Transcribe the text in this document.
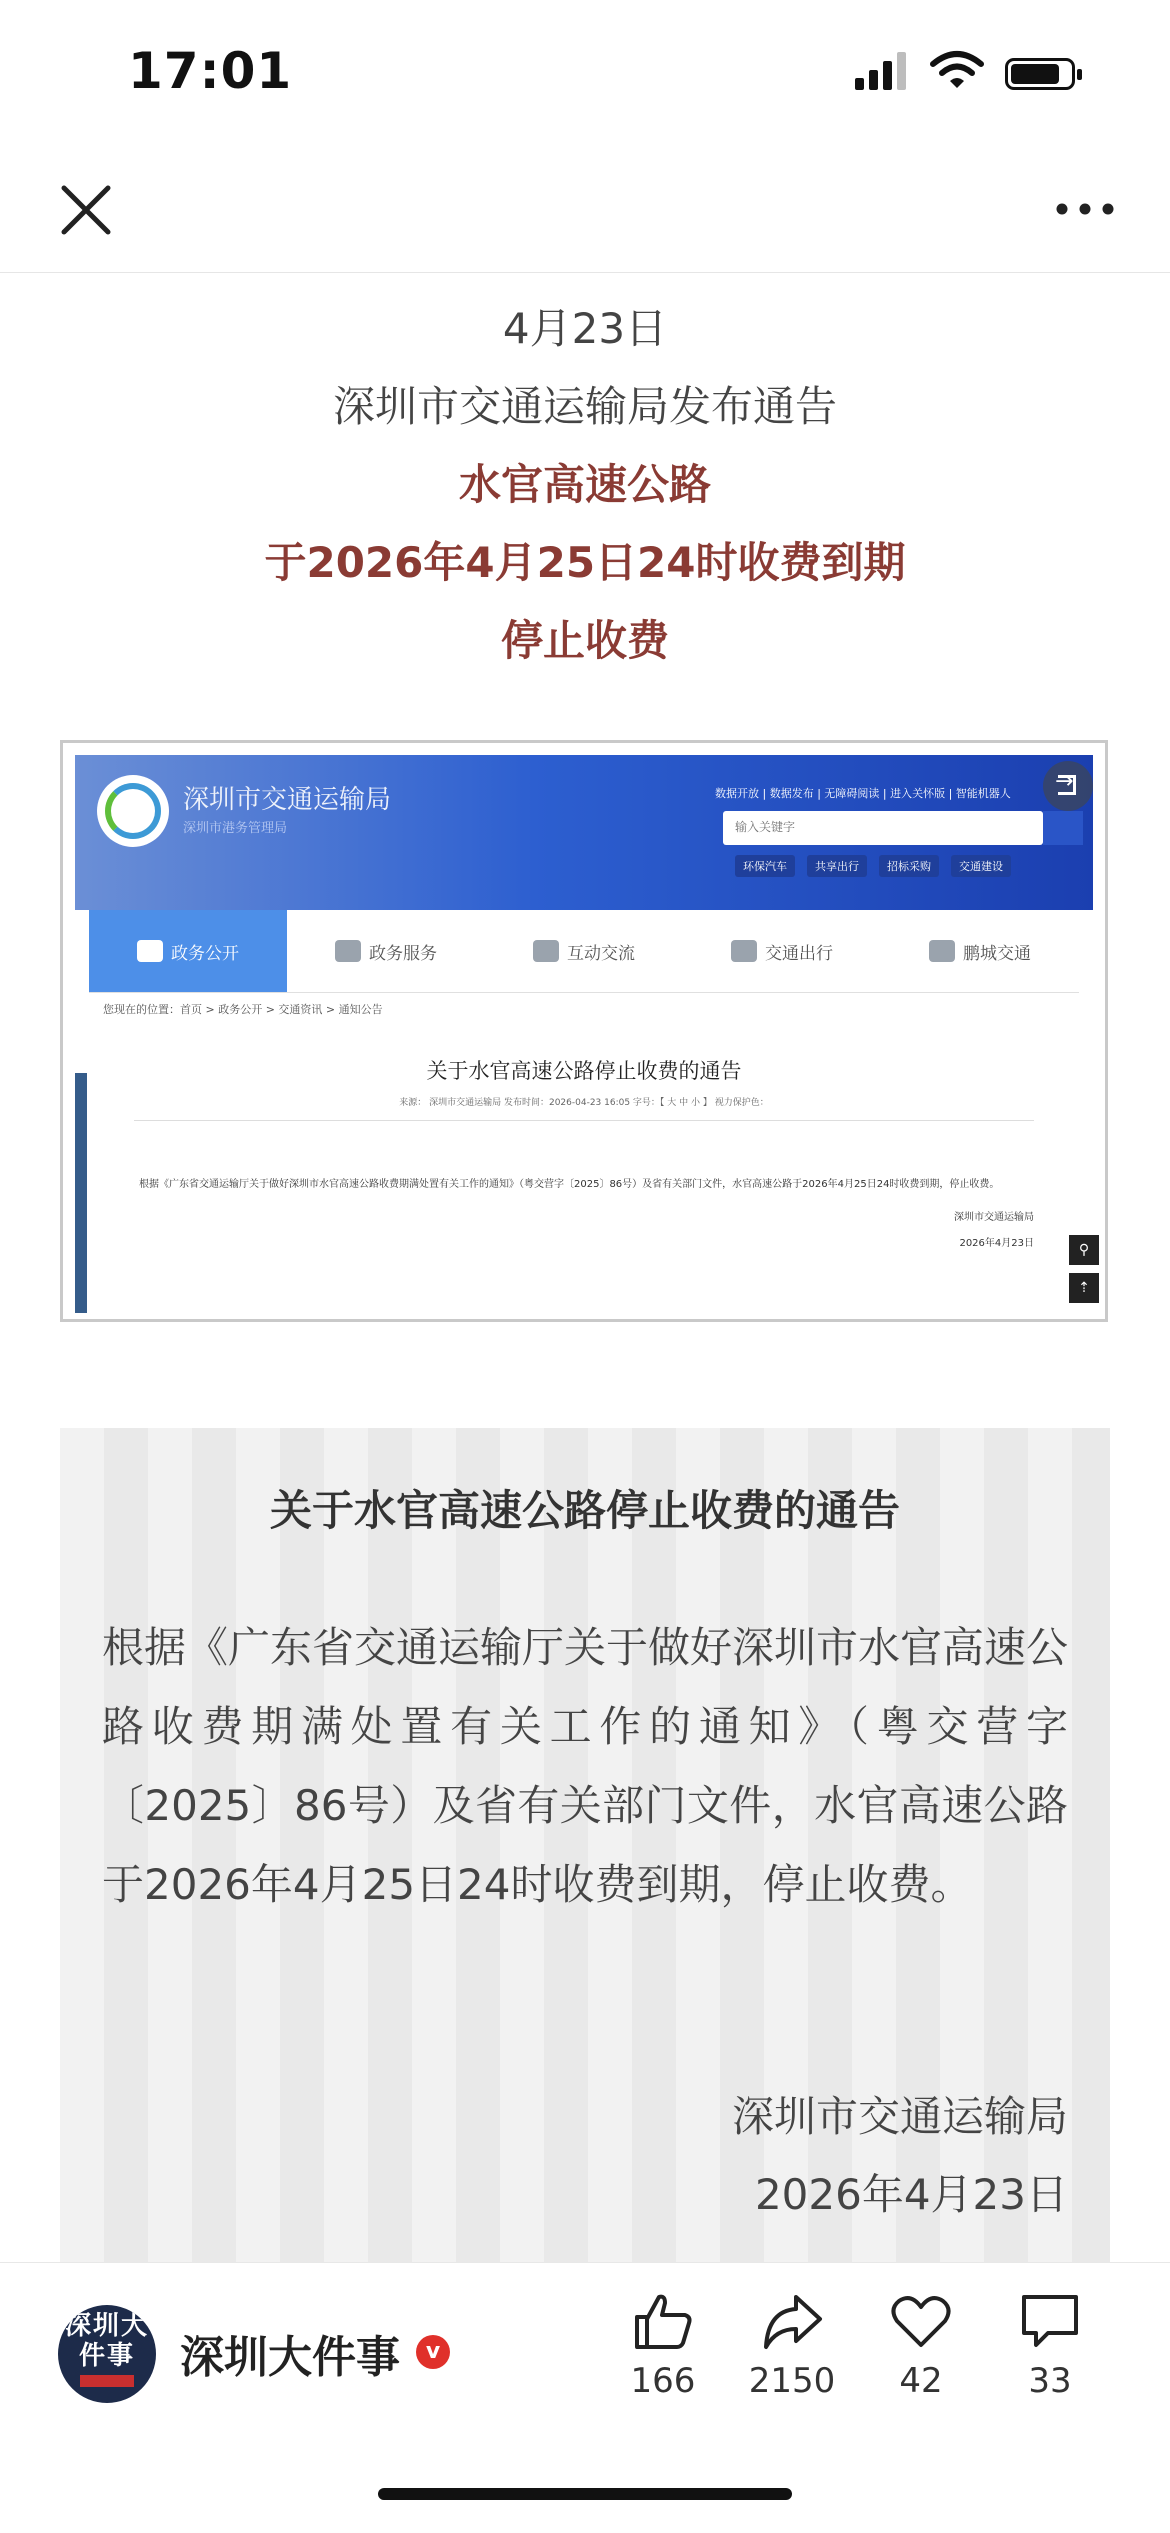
17:01
4月23日
深圳市交通运输局发布通告
水官高速公路
于2026年4月25日24时收费到期
停止收费
深圳市交通运输局
深圳市港务管理局
数据开放 | 数据发布 | 无障碍阅读 | 进入关怀版 | 智能机器人
输入关键字
环保汽车	共享出行	招标采购	交通建设
→
政务公开	政务服务	互动交流	交通出行	鹏城交通
您现在的位置：首页 > 政务公开 > 交通资讯 > 通知公告
关于水官高速公路停止收费的通告
来源： 深圳市交通运输局 发布时间：2026-04-23 16:05 字号：【 大 中 小 】 视力保护色：
根据《广东省交通运输厅关于做好深圳市水官高速公路收费期满处置有关工作的通知》（粤交营字〔2025〕86号）及省有关部门文件，水官高速公路于2026年4月25日24时收费到期，停止收费。
深圳市交通运输局
2026年4月23日	⚲
⇡
关于水官高速公路停止收费的通告
根据《广东省交通运输厅关于做好深圳市水官高速公路收费期满处置有关工作的通知》（粤交营字〔2025〕86号）及省有关部门文件，水官高速公路于2026年4月25日24时收费到期，停止收费。
深圳市交通运输局
2026年4月23日
深圳大件事	深圳大件事	v
166	2150	42	33
